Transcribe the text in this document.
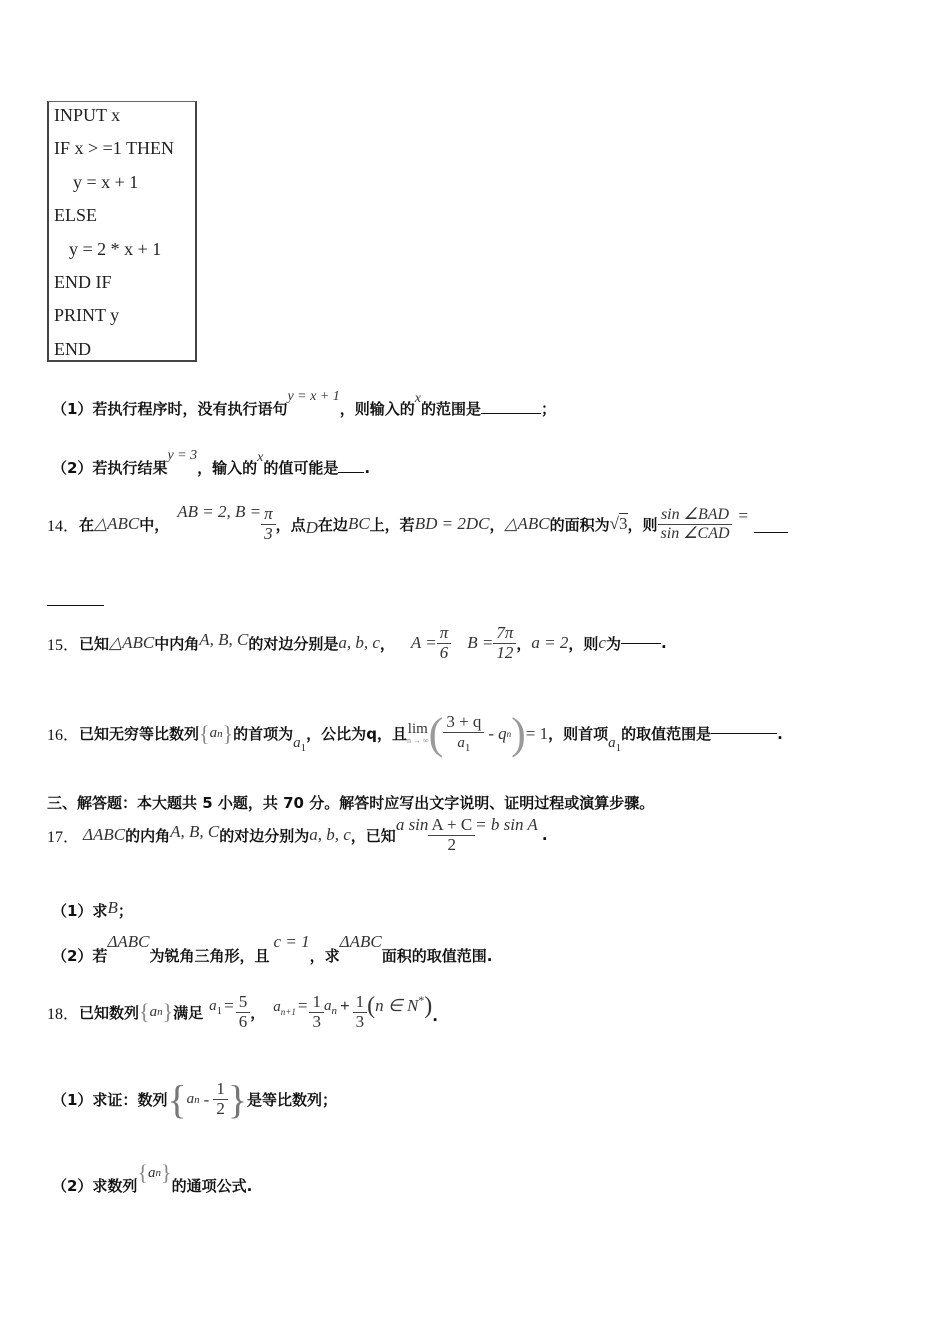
INPUT x
IF x > =1 THEN
y = x + 1
ELSE
y = 2 * x + 1
END IF
PRINT y
END
（1）若执行程序时，没有执行语句y = x + 1，则输入的x的范围是	；
（2）若执行结果y = 3，输入的x的值可能是 .
14． 在 △ABC 中，
AB = 2, $B = \frac{\pi}{3}$ ，点 D 在边 BC 上，若 BD = 2DC ， △ABC 的面积为 √3 ，则 $\frac{\text{sin ∠BAD}}{\text{sin ∠CAD}}$ =
15． 已知 △ABC 中内角 A, B, C 的对边分别是 a, b, c ， $A = \frac{\pi}{6}$ $B = \frac{7\pi}{12}$ ， a = 2 ，则 c 为	.
16． 已知无穷等比数列 { a n } 的首项为
$a_1$
，公比为 q ，且 lim
n → ∞ ( $\frac{3 + q}{a_1}$ - q n ) = 1 ，则首项
$a_1$
的取值范围是	.
三、解答题：本大题共 5 小题，共 70 分。解答时应写出文字说明、证明过程或演算步骤。
17． ΔABC 的内角 A, B, C 的对边分别为 a, b, c ，已知
a $\sin \frac{A + C}{2} = b$ sin A
.
（1）求B；
（2）若ΔABC为锐角三角形，且c = 1，求ΔABC面积的取值范围.
18． 已知数列 { a n } 满足 $a_1 = \frac{5}{6}$ ， $a_{n+1} = \frac{1}{3} a_n + \frac{1}{3}$ ( n ∈ N * ) .
（1）求证：数列 { a n - $\frac{1}{2}$ } 是等比数列；
（2）求数列
{ a n }
的通项公式.
